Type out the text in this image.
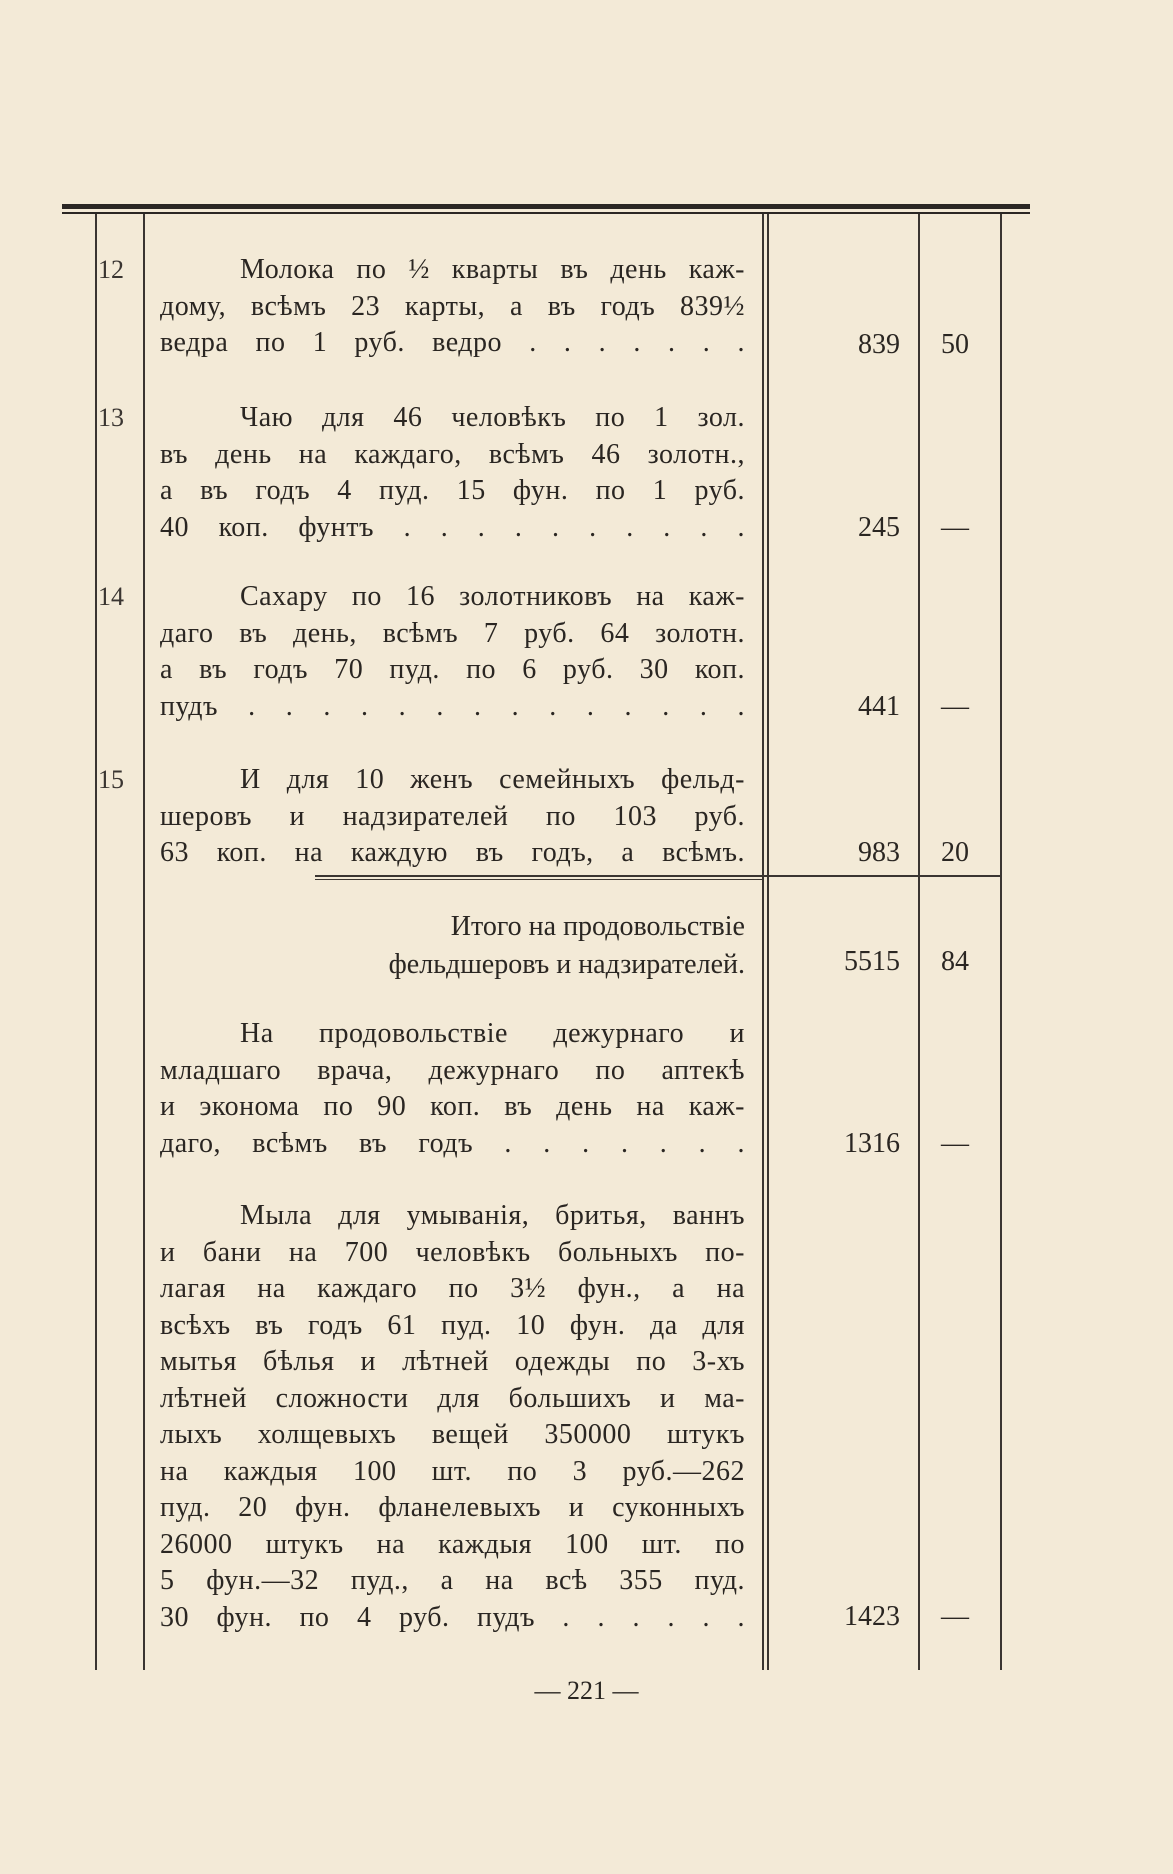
12	Молока по ½ кварты въ день каж-
дому, всѣмъ 23 карты, а въ годъ 839½
ведра по 1 руб. ведро . . . . . . .	839	50
13	Чаю для 46 человѣкъ по 1 зол.
въ день на каждаго, всѣмъ 46 золотн.,
а въ годъ 4 пуд. 15 фун. по 1 руб.
40 коп. фунтъ . . . . . . . . . .	245	—
14	Сахару по 16 золотниковъ на каж-
даго въ день, всѣмъ 7 руб. 64 золотн.
а въ годъ 70 пуд. по 6 руб. 30 коп.
пудъ . . . . . . . . . . . . . .	441	—
15	И для 10 женъ семейныхъ фельд-
шеровъ и надзирателей по 103 руб.
63 коп. на каждую въ годъ, а всѣмъ.	983	20
Итого на продовольствіе
фельдшеровъ и надзирателей.	5515	84
На продовольствіе дежурнаго и
младшаго врача, дежурнаго по аптекѣ
и эконома по 90 коп. въ день на каж-
даго, всѣмъ въ годъ . . . . . . .	1316	—
Мыла для умыванія, бритья, ваннъ
и бани на 700 человѣкъ больныхъ по-
лагая на каждаго по 3½ фун., а на
всѣхъ въ годъ 61 пуд. 10 фун. да для
мытья бѣлья и лѣтней одежды по 3-хъ
лѣтней сложности для большихъ и ма-
лыхъ холщевыхъ вещей 350000 штукъ
на каждыя 100 шт. по 3 руб.—262
пуд. 20 фун. фланелевыхъ и суконныхъ
26000 штукъ на каждыя 100 шт. по
5 фун.—32 пуд., а на всѣ 355 пуд.
30 фун. по 4 руб. пудъ . . . . . .	1423	—
— 221 —
